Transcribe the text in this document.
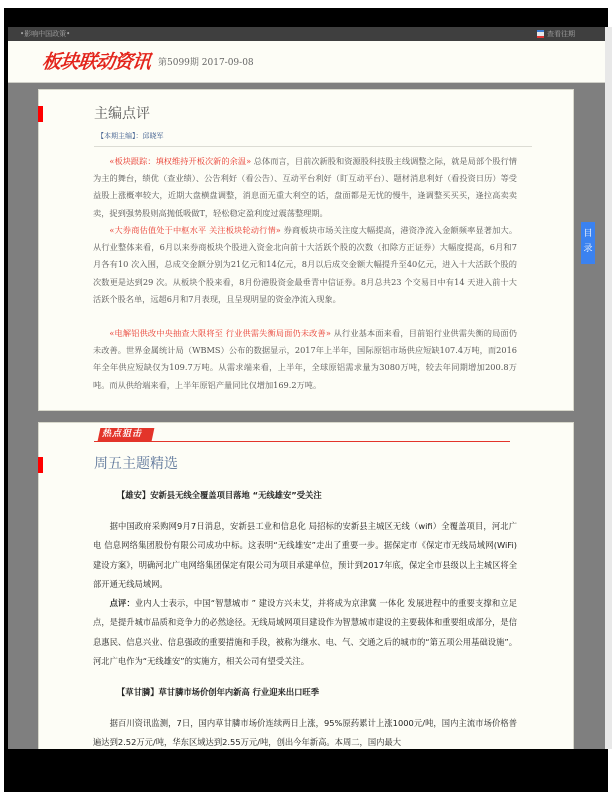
•影响中国政策•	查看往期
板块联动资讯 第5099期 2017-09-08
主编点评
【本期主编】：邱晓军
«板块跟踪：填权维持开板次新的余温» 总体而言，目前次新股和资源股科技股主线调整之际，就是局部个股行情为主的舞台，绩优（查业绩）、公告利好（看公告）、互动平台利好（盯互动平台）、题材消息利好（看投资日历）等受益股上涨概率较大，近期大盘横盘调整，消息面无重大利空的话，盘面都是无忧的慢牛，逢调整买买买，逢拉高卖卖卖，捉到强势股则高抛低吸做T，轻松稳定盈利度过震荡整理期。
«大券商估值处于中枢水平 关注板块轮动行情» 券商板块市场关注度大幅提高，港资净流入金额频率显著加大。从行业整体来看，6月以来券商板块个股进入资金北向前十大活跃个股的次数（扣除方正证券）大幅度提高，6月和7月各有10 次入围，总成交金额分别为21亿元和14亿元，8月以后成交金额大幅提升至40亿元，进入十大活跃个股的次数更是达到29 次。从板块个股来看，8月份港股资金最垂青中信证券。8月总共23 个交易日中有14 天进入前十大活跃个股名单，远超6月和7月表现，且呈现明显的资金净流入现象。
«电解铝供改中央抽查大限将至 行业供需失衡局面仍未改善» 从行业基本面来看，目前铝行业供需失衡的局面仍未改善。世界金属统计局（WBMS）公布的数据显示，2017年上半年，国际原铝市场供应短缺107.4万吨，而2016年全年供应短缺仅为109.7万吨。从需求端来看，上半年，全球原铝需求量为3080万吨，较去年同期增加200.8万吨。而从供给端来看，上半年原铝产量同比仅增加169.2万吨。
热点狙击
周五主题精选
【雄安】安新县无线全覆盖项目落地 “无线雄安”受关注
据中国政府采购网9月7日消息，安新县工业和信息化 局招标的安新县主城区无线（wifi）全覆盖项目，河北广电 信息网络集团股份有限公司成功中标。这表明“无线雄安”走出了重要一步。据保定市《保定市无线局域网(WiFi)建设方案》，明确河北广电网络集团保定有限公司为项目承建单位，预计到2017年底，保定全市县级以上主城区将全部开通无线局域网。
点评：业内人士表示，中国“智慧城市 ” 建设方兴未艾，并将成为京津冀 一体化 发展进程中的重要支撑和立足点，是提升城市品质和竞争力的必然途径。无线局域网项目建设作为智慧城市建设的主要载体和重要组成部分，是信息惠民、信息兴业、信息强政的重要措施和手段，被称为继水、电、气、交通之后的城市的“第五项公用基础设施”。河北广电作为“无线雄安”的实施方，相关公司有望受关注。
【草甘膦】草甘膦市场价创年内新高 行业迎来出口旺季
据百川资讯监测，7日，国内草甘膦市场价连续两日上涨，95%原药累计上涨1000元/吨，国内主流市场价格普遍达到2.52万元/吨，华东区域达到2.55万元/吨，创出今年新高。本周二，国内最大
目
录
